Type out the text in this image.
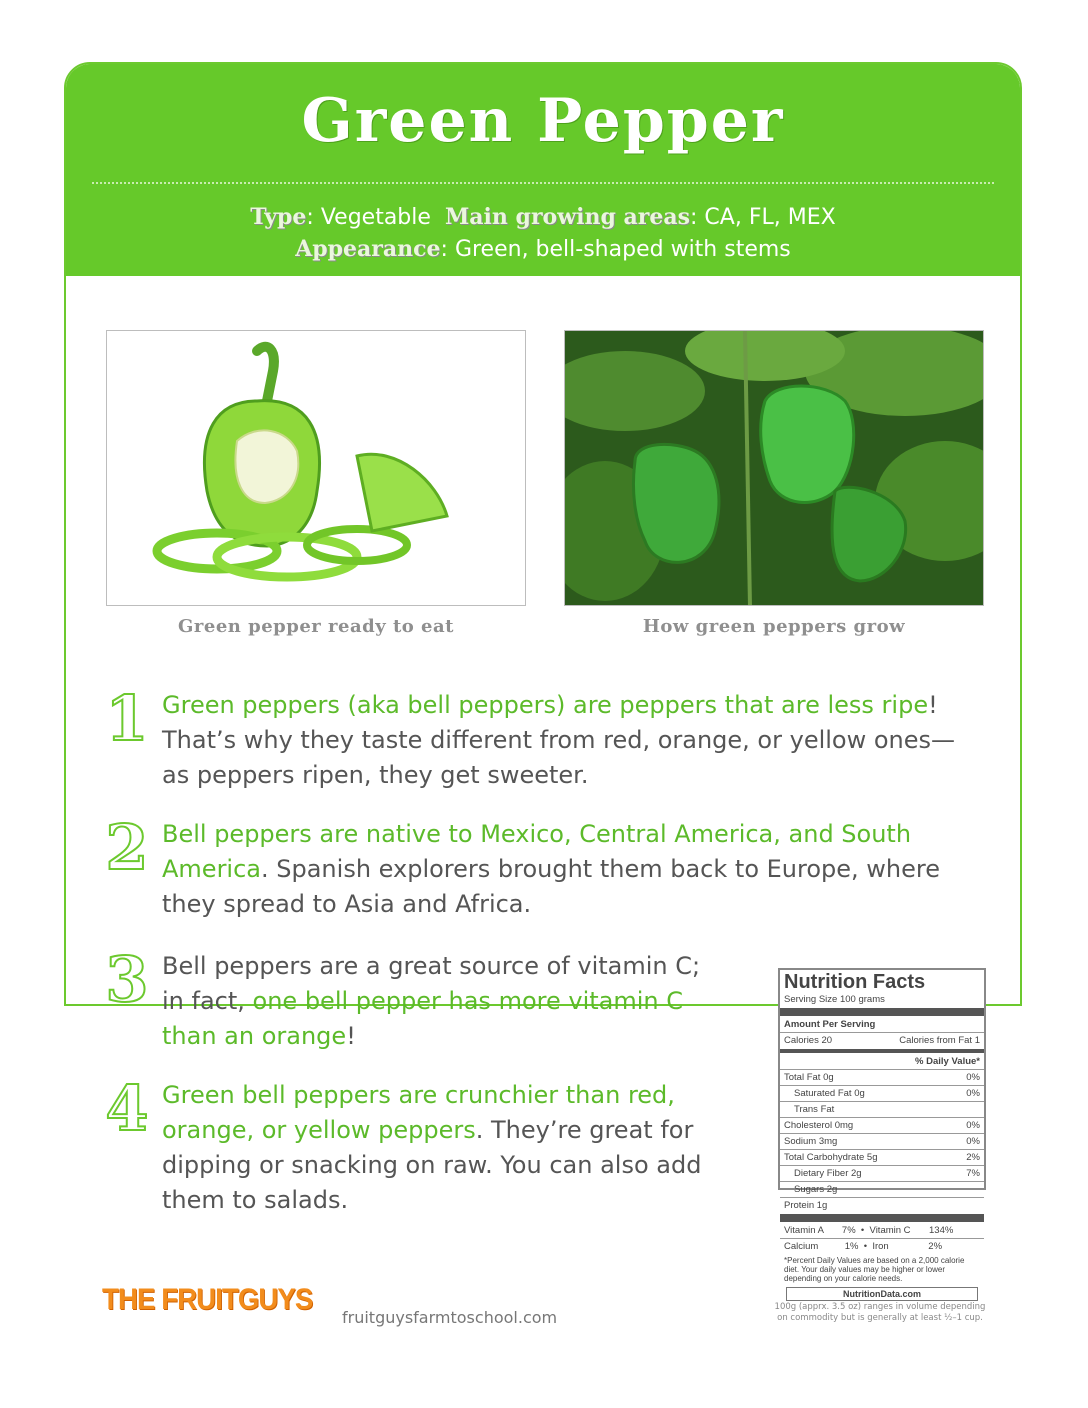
Green Pepper
Type: Vegetable Main growing areas: CA, FL, MEX
Appearance: Green, bell-shaped with stems
Green pepper ready to eat	How green peppers grow
1 Green peppers (aka bell peppers) are peppers that are less ripe! That’s why they taste different from red, orange, or yellow ones—as peppers ripen, they get sweeter.
2 Bell peppers are native to Mexico, Central America, and South America. Spanish explorers brought them back to Europe, where they spread to Asia and Africa.
3 Bell peppers are a great source of vitamin C; in fact, one bell pepper has more vitamin C than an orange!
4 Green bell peppers are crunchier than red, orange, or yellow peppers. They’re great for dipping or snacking on raw. You can also add them to salads.
Nutrition Facts
Serving Size 100 grams
Amount Per Serving
Calories 20	Calories from Fat 1
% Daily Value*
Total Fat 0g	0%
Saturated Fat 0g	0%
Trans Fat
Cholesterol 0mg	0%
Sodium 3mg	0%
Total Carbohydrate 5g	2%
Dietary Fiber 2g	7%
Sugars 2g
Protein 1g
Vitamin A       7%  •  Vitamin C       134%
Calcium          1%  •  Iron               2%
*Percent Daily Values are based on a 2,000 calorie diet. Your daily values may be higher or lower depending on your calorie needs.
NutritionData.com
100g (apprx. 3.5 oz) ranges in volume depending on commodity but is generally at least ½–1 cup.
THE FRUITGUYS
fruitguysfarmtoschool.com
